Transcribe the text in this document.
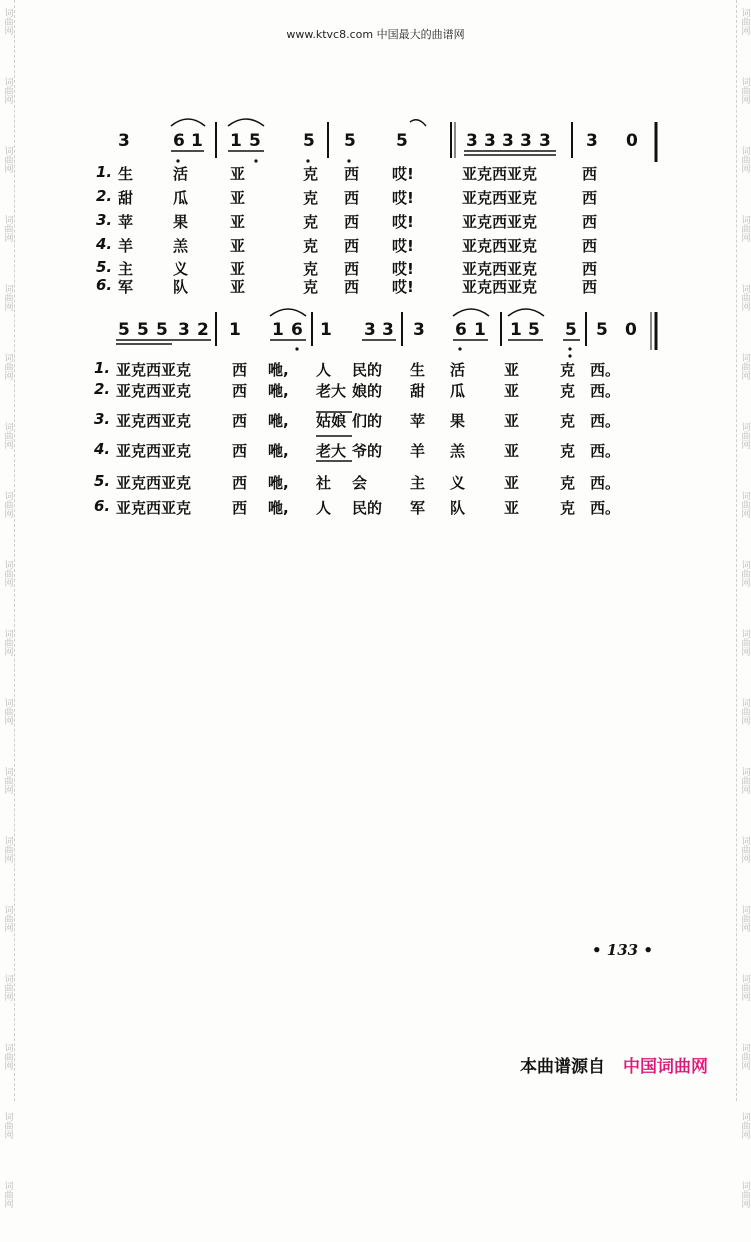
词曲网
词曲网
词曲网
词曲网
词曲网
词曲网
词曲网
词曲网
词曲网
词曲网
词曲网
词曲网
词曲网
词曲网
词曲网
词曲网
词曲网
词曲网
词曲网
词曲网
词曲网
词曲网
词曲网
词曲网
词曲网
词曲网
词曲网
词曲网
词曲网
词曲网
词曲网
词曲网
词曲网
词曲网
词曲网
词曲网
www.ktvc8.com 中国最大的曲谱网
3	6 1 1 5 5 5 5	3 3 3 3 3 3 0
1. 生	活	亚	克 西 哎!	亚克西亚克	西
2. 甜	瓜	亚	克 西 哎!	亚克西亚克	西
3. 苹	果	亚	克 西 哎!	亚克西亚克	西
4. 羊	羔	亚	克 西 哎!	亚克西亚克	西
5. 主	义	亚	克 西 哎!	亚克西亚克	西
6. 军	队	亚	克 西 哎!	亚克西亚克	西
5 5 5 3 2 1 1 6 1 3 3 3 6 1 1 5 5 5 0
1. 亚克西亚克	西 咃, 人 民的 生 活	亚	克 西。
2. 亚克西亚克	西 咃, 老大 娘的 甜 瓜	亚	克 西。
3. 亚克西亚克	西 咃, 姑娘 们的 苹 果	亚	克 西。
4. 亚克西亚克	西 咃, 老大 爷的 羊 羔	亚	克 西。
5. 亚克西亚克	西 咃, 社 会	主 义	亚	克 西。
6. 亚克西亚克	西 咃, 人 民的 军 队	亚	克 西。
• 133 •
本曲谱源自 中国词曲网
